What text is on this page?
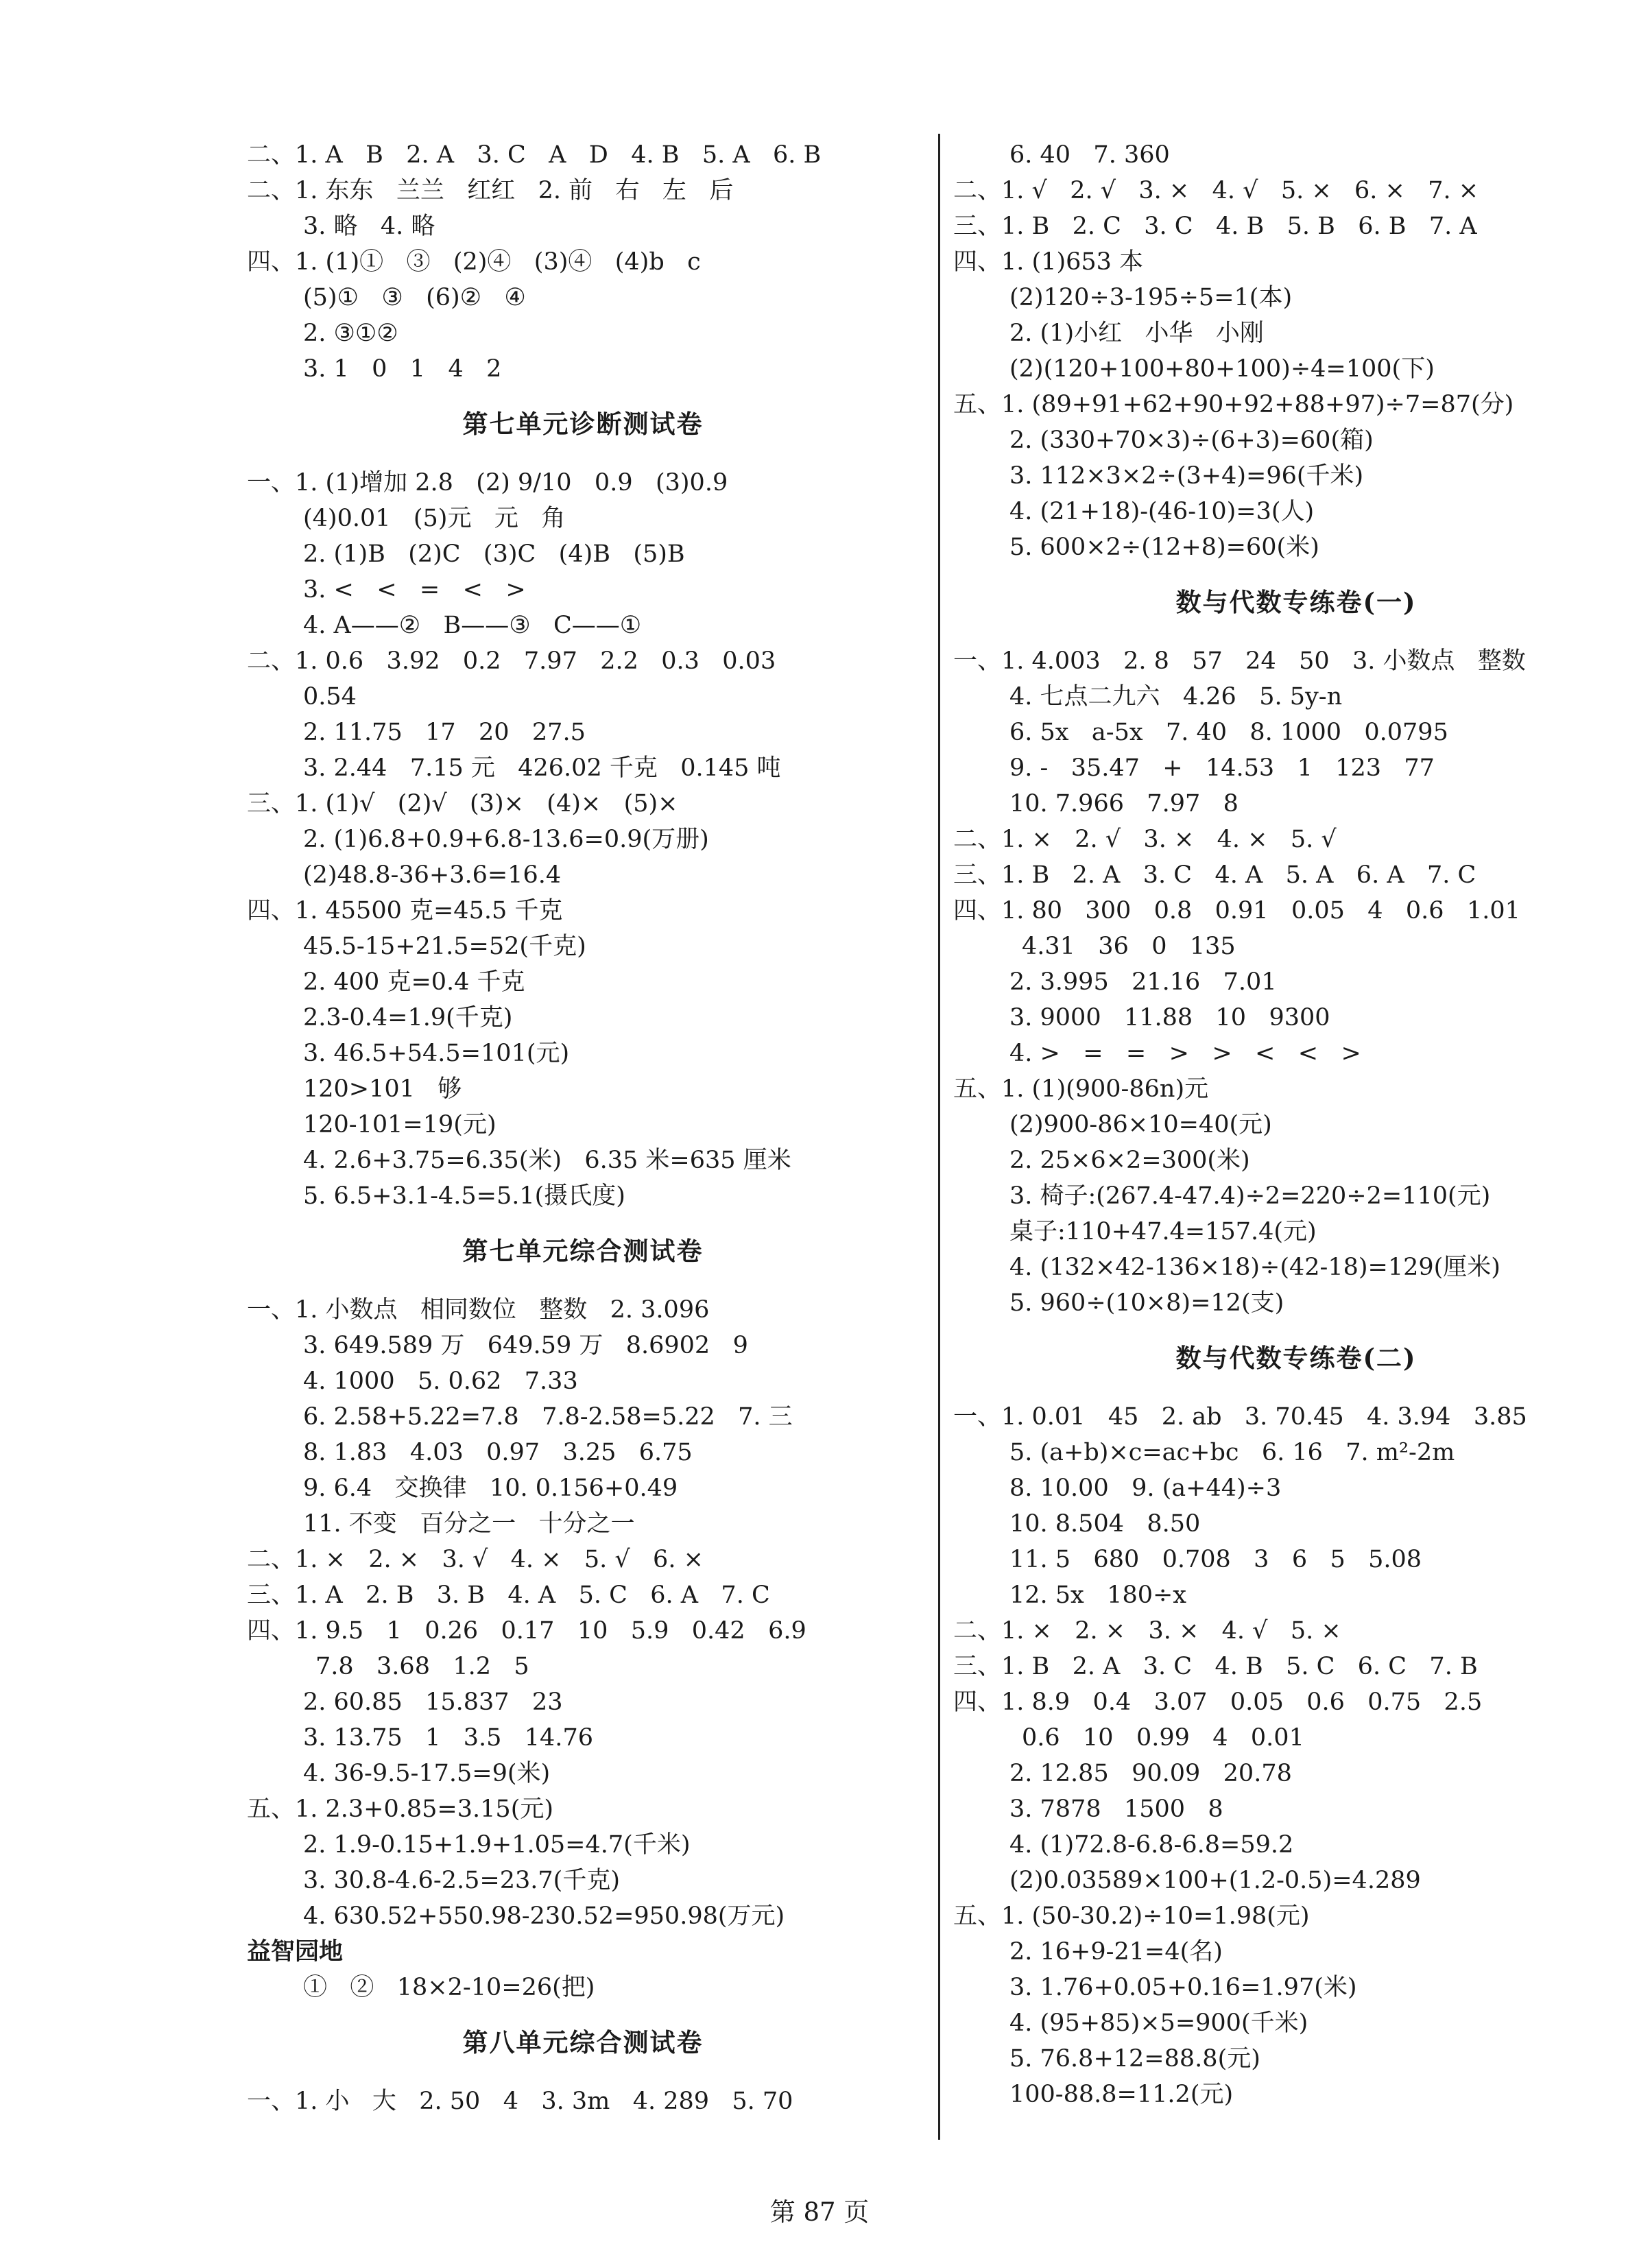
二、1. A   B   2. A   3. C   A   D   4. B   5. A   6. B
二、1. 东东   兰兰   红红   2. 前   右   左   后
3. 略   4. 略
四、1. (1)①   ③   (2)④   (3)④   (4)b   c
(5)①   ③   (6)②   ④
2. ③①②
3. 1   0   1   4   2
第七单元诊断测试卷
一、1. (1)增加 2.8   (2) 9/10   0.9   (3)0.9
(4)0.01   (5)元   元   角
2. (1)B   (2)C   (3)C   (4)B   (5)B
3. <   <   =   <   >
4. A——②   B——③   C——①
二、1. 0.6   3.92   0.2   7.97   2.2   0.3   0.03
0.54
2. 11.75   17   20   27.5
3. 2.44   7.15 元   426.02 千克   0.145 吨
三、1. (1)√   (2)√   (3)×   (4)×   (5)×
2. (1)6.8+0.9+6.8-13.6=0.9(万册)
(2)48.8-36+3.6=16.4
四、1. 45500 克=45.5 千克
45.5-15+21.5=52(千克)
2. 400 克=0.4 千克
2.3-0.4=1.9(千克)
3. 46.5+54.5=101(元)
120>101   够
120-101=19(元)
4. 2.6+3.75=6.35(米)   6.35 米=635 厘米
5. 6.5+3.1-4.5=5.1(摄氏度)
第七单元综合测试卷
一、1. 小数点   相同数位   整数   2. 3.096
3. 649.589 万   649.59 万   8.6902   9
4. 1000   5. 0.62   7.33
6. 2.58+5.22=7.8   7.8-2.58=5.22   7. 三
8. 1.83   4.03   0.97   3.25   6.75
9. 6.4   交换律   10. 0.156+0.49
11. 不变   百分之一   十分之一
二、1. ×   2. ×   3. √   4. ×   5. √   6. ×
三、1. A   2. B   3. B   4. A   5. C   6. A   7. C
四、1. 9.5   1   0.26   0.17   10   5.9   0.42   6.9
7.8   3.68   1.2   5
2. 60.85   15.837   23
3. 13.75   1   3.5   14.76
4. 36-9.5-17.5=9(米)
五、1. 2.3+0.85=3.15(元)
2. 1.9-0.15+1.9+1.05=4.7(千米)
3. 30.8-4.6-2.5=23.7(千克)
4. 630.52+550.98-230.52=950.98(万元)
益智园地
①   ②   18×2-10=26(把)
第八单元综合测试卷
一、1. 小   大   2. 50   4   3. 3m   4. 289   5. 70
6. 40   7. 360
二、1. √   2. √   3. ×   4. √   5. ×   6. ×   7. ×
三、1. B   2. C   3. C   4. B   5. B   6. B   7. A
四、1. (1)653 本
(2)120÷3-195÷5=1(本)
2. (1)小红   小华   小刚
(2)(120+100+80+100)÷4=100(下)
五、1. (89+91+62+90+92+88+97)÷7=87(分)
2. (330+70×3)÷(6+3)=60(箱)
3. 112×3×2÷(3+4)=96(千米)
4. (21+18)-(46-10)=3(人)
5. 600×2÷(12+8)=60(米)
数与代数专练卷(一)
一、1. 4.003   2. 8   57   24   50   3. 小数点   整数
4. 七点二九六   4.26   5. 5y-n
6. 5x   a-5x   7. 40   8. 1000   0.0795
9. -   35.47   +   14.53   1   123   77
10. 7.966   7.97   8
二、1. ×   2. √   3. ×   4. ×   5. √
三、1. B   2. A   3. C   4. A   5. A   6. A   7. C
四、1. 80   300   0.8   0.91   0.05   4   0.6   1.01
4.31   36   0   135
2. 3.995   21.16   7.01
3. 9000   11.88   10   9300
4. >   =   =   >   >   <   <   >
五、1. (1)(900-86n)元
(2)900-86×10=40(元)
2. 25×6×2=300(米)
3. 椅子:(267.4-47.4)÷2=220÷2=110(元)
桌子:110+47.4=157.4(元)
4. (132×42-136×18)÷(42-18)=129(厘米)
5. 960÷(10×8)=12(支)
数与代数专练卷(二)
一、1. 0.01   45   2. ab   3. 70.45   4. 3.94   3.85
5. (a+b)×c=ac+bc   6. 16   7. m²-2m
8. 10.00   9. (a+44)÷3
10. 8.504   8.50
11. 5   680   0.708   3   6   5   5.08
12. 5x   180÷x
二、1. ×   2. ×   3. ×   4. √   5. ×
三、1. B   2. A   3. C   4. B   5. C   6. C   7. B
四、1. 8.9   0.4   3.07   0.05   0.6   0.75   2.5
0.6   10   0.99   4   0.01
2. 12.85   90.09   20.78
3. 7878   1500   8
4. (1)72.8-6.8-6.8=59.2
(2)0.03589×100+(1.2-0.5)=4.289
五、1. (50-30.2)÷10=1.98(元)
2. 16+9-21=4(名)
3. 1.76+0.05+0.16=1.97(米)
4. (95+85)×5=900(千米)
5. 76.8+12=88.8(元)
100-88.8=11.2(元)
第 87 页
